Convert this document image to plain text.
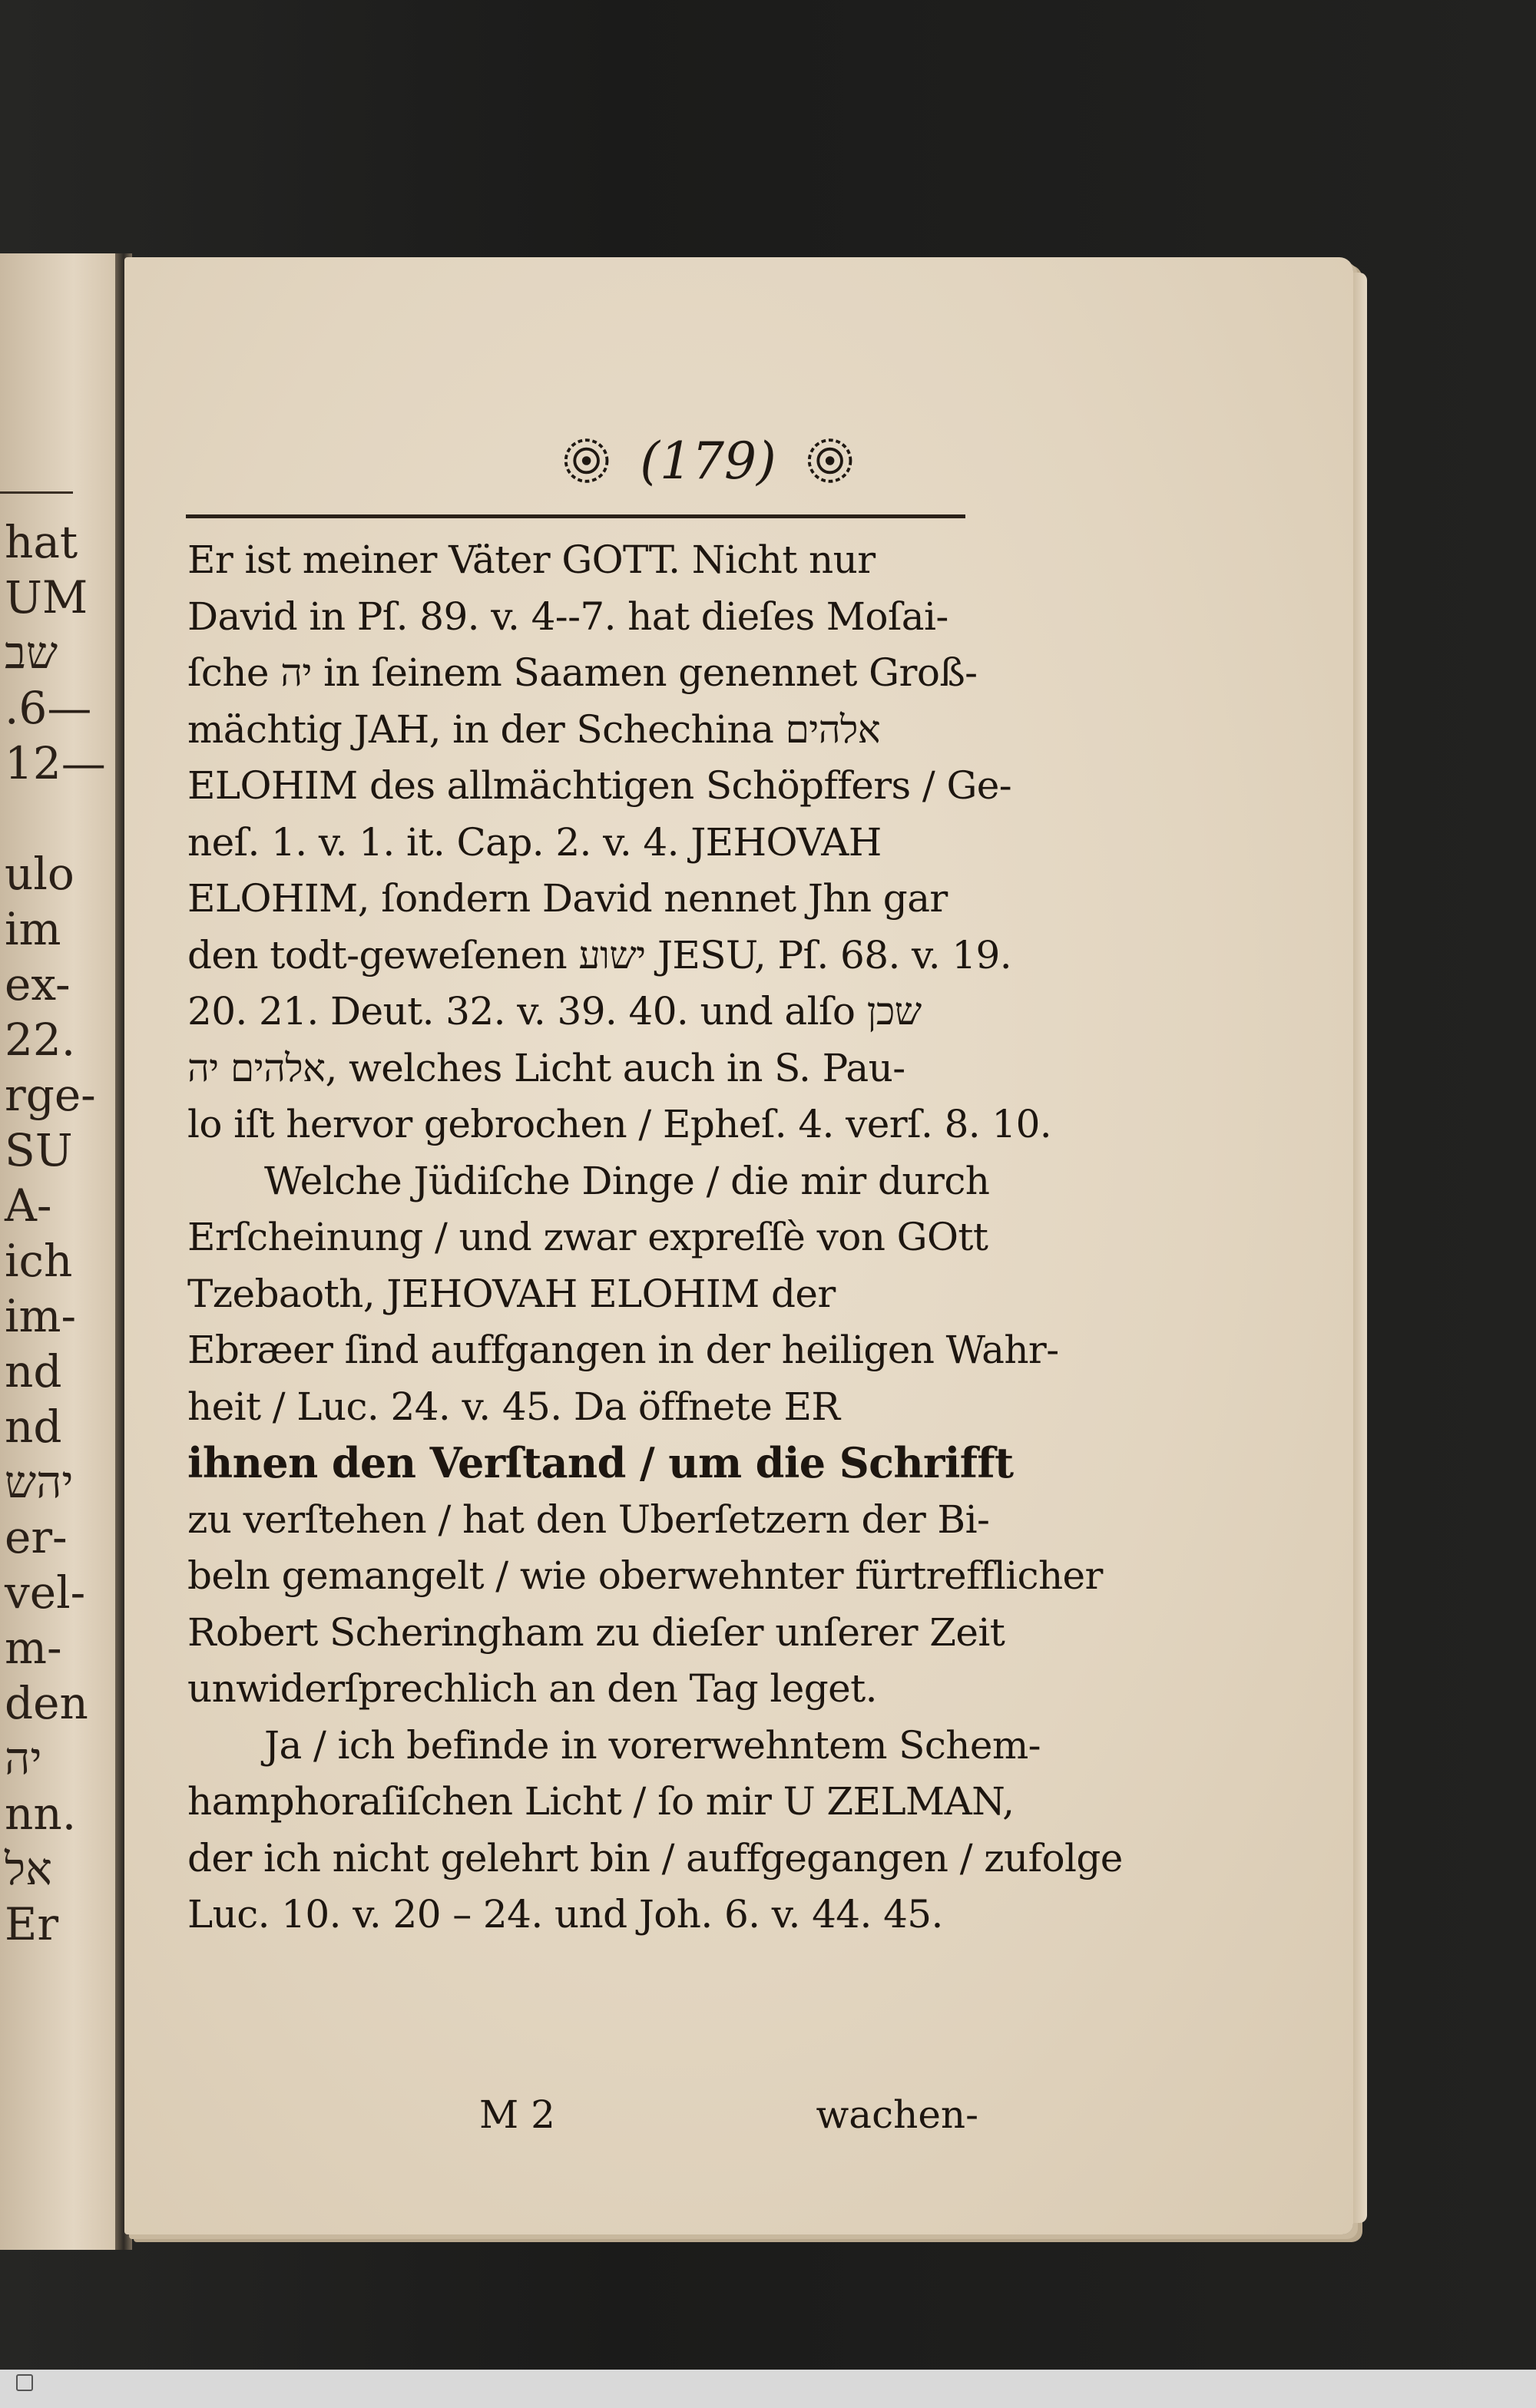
hat
UM
שב
.6—
12—
ulo
im
ex-
22.
rge-
SU
A-
ich
im-
nd
nd
יהש
er-
vel-
m-
den
יה
nn.
אל
Er
(179)
Er ist meiner Väter GOTT. Nicht nur
David in Pſ. 89. v. 4--7. hat dieſes Moſai-
ſche יה in ſeinem Saamen genennet Groß-
mächtig JAH, in der Schechina אלהים
ELOHIM des allmächtigen Schöpffers / Ge-
neſ. 1. v. 1. it. Cap. 2. v. 4. JEHOVAH
ELOHIM, ſondern David nennet Jhn gar
den todt-geweſenen ישוע JESU, Pſ. 68. v. 19.
20. 21. Deut. 32. v. 39. 40. und alſo שכן
אלהים יה, welches Licht auch in S. Pau-
lo iſt hervor gebrochen / Epheſ. 4. verſ. 8. 10.
Welche Jüdiſche Dinge / die mir durch
Erſcheinung / und zwar expreſſè von GOtt
Tzebaoth, JEHOVAH ELOHIM der
Ebræer ſind auffgangen in der heiligen Wahr-
heit / Luc. 24. v. 45. Da öffnete ER
ihnen den Verſtand / um die Schrifft
zu verſtehen / hat den Uberſetzern der Bi-
beln gemangelt / wie oberwehnter fürtrefflicher
Robert Scheringham zu dieſer unſerer Zeit
unwiderſprechlich an den Tag leget.
Ja / ich befinde in vorerwehntem Schem-
hamphoraſiſchen Licht / ſo mir U ZELMAN,
der ich nicht gelehrt bin / auffgegangen / zufolge
Luc. 10. v. 20 – 24. und Joh. 6. v. 44. 45.
M 2	wachen-
